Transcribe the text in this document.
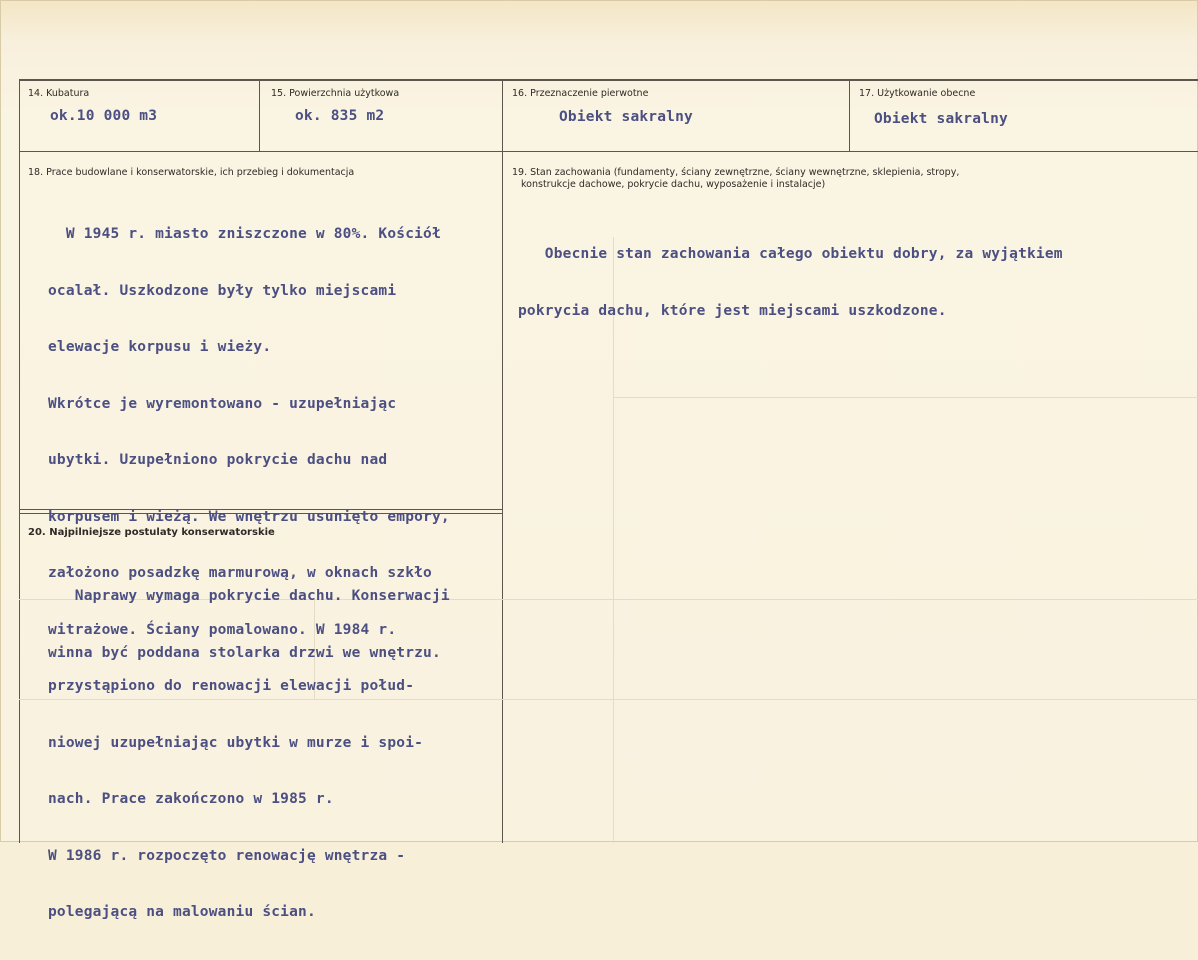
14. Kubatura
ok.10 000 m3
15. Powierzchnia użytkowa
ok. 835 m2
16. Przeznaczenie pierwotne
Obiekt sakralny
17. Użytkowanie obecne
Obiekt sakralny
18. Prace budowlane i konserwatorskie, ich przebieg i dokumentacja

W 1945 r. miasto zniszczone w 80%. Kościół

ocalał. Uszkodzone były tylko miejscami

elewacje korpusu i wieży.

Wkrótce je wyremontowano - uzupełniając

ubytki. Uzupełniono pokrycie dachu nad

korpusem i wieżą. We wnętrzu usunięto empory,

założono posadzkę marmurową, w oknach szkło

witrażowe. Ściany pomalowano. W 1984 r.

przystąpiono do renowacji elewacji połud-

niowej uzupełniając ubytki w murze i spoi-

nach. Prace zakończono w 1985 r.

W 1986 r. rozpoczęto renowację wnętrza -

polegającą na malowaniu ścian.

19. Stan zachowania (fundamenty, ściany zewnętrzne, ściany wewnętrzne, sklepienia, stropy,
konstrukcje dachowe, pokrycie dachu, wyposażenie i instalacje)

Obecnie stan zachowania całego obiektu dobry, za wyjątkiem

pokrycia dachu, które jest miejscami uszkodzone.

20. Najpilniejsze postulaty konserwatorskie

Naprawy wymaga pokrycie dachu. Konserwacji

winna być poddana stolarka drzwi we wnętrzu.
